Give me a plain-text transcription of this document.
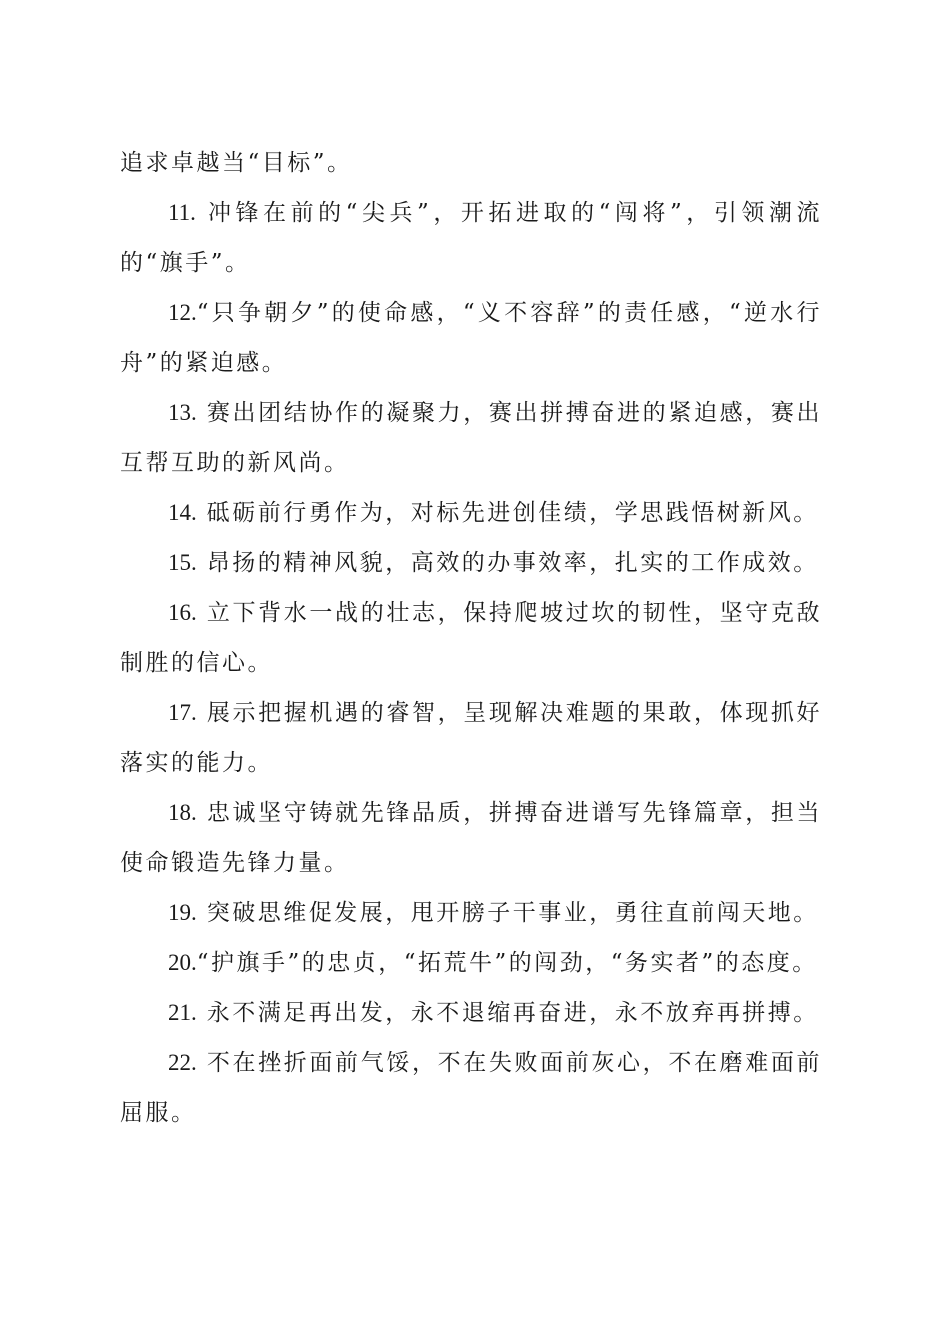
追求卓越当“目标”。

11. 冲锋在前的“尖兵”，开拓进取的“闯将”，引领潮流的“旗手”。

12.“只争朝夕”的使命感，“义不容辞”的责任感，“逆水行舟”的紧迫感。

13. 赛出团结协作的凝聚力，赛出拼搏奋进的紧迫感，赛出互帮互助的新风尚。

14. 砥砺前行勇作为，对标先进创佳绩，学思践悟树新风。

15. 昂扬的精神风貌，高效的办事效率，扎实的工作成效。

16. 立下背水一战的壮志，保持爬坡过坎的韧性，坚守克敌制胜的信心。

17. 展示把握机遇的睿智，呈现解决难题的果敢，体现抓好落实的能力。

18. 忠诚坚守铸就先锋品质，拼搏奋进谱写先锋篇章，担当使命锻造先锋力量。

19. 突破思维促发展，甩开膀子干事业，勇往直前闯天地。

20.“护旗手”的忠贞，“拓荒牛”的闯劲，“务实者”的态度。

21. 永不满足再出发，永不退缩再奋进，永不放弃再拼搏。

22. 不在挫折面前气馁，不在失败面前灰心，不在磨难面前屈服。
